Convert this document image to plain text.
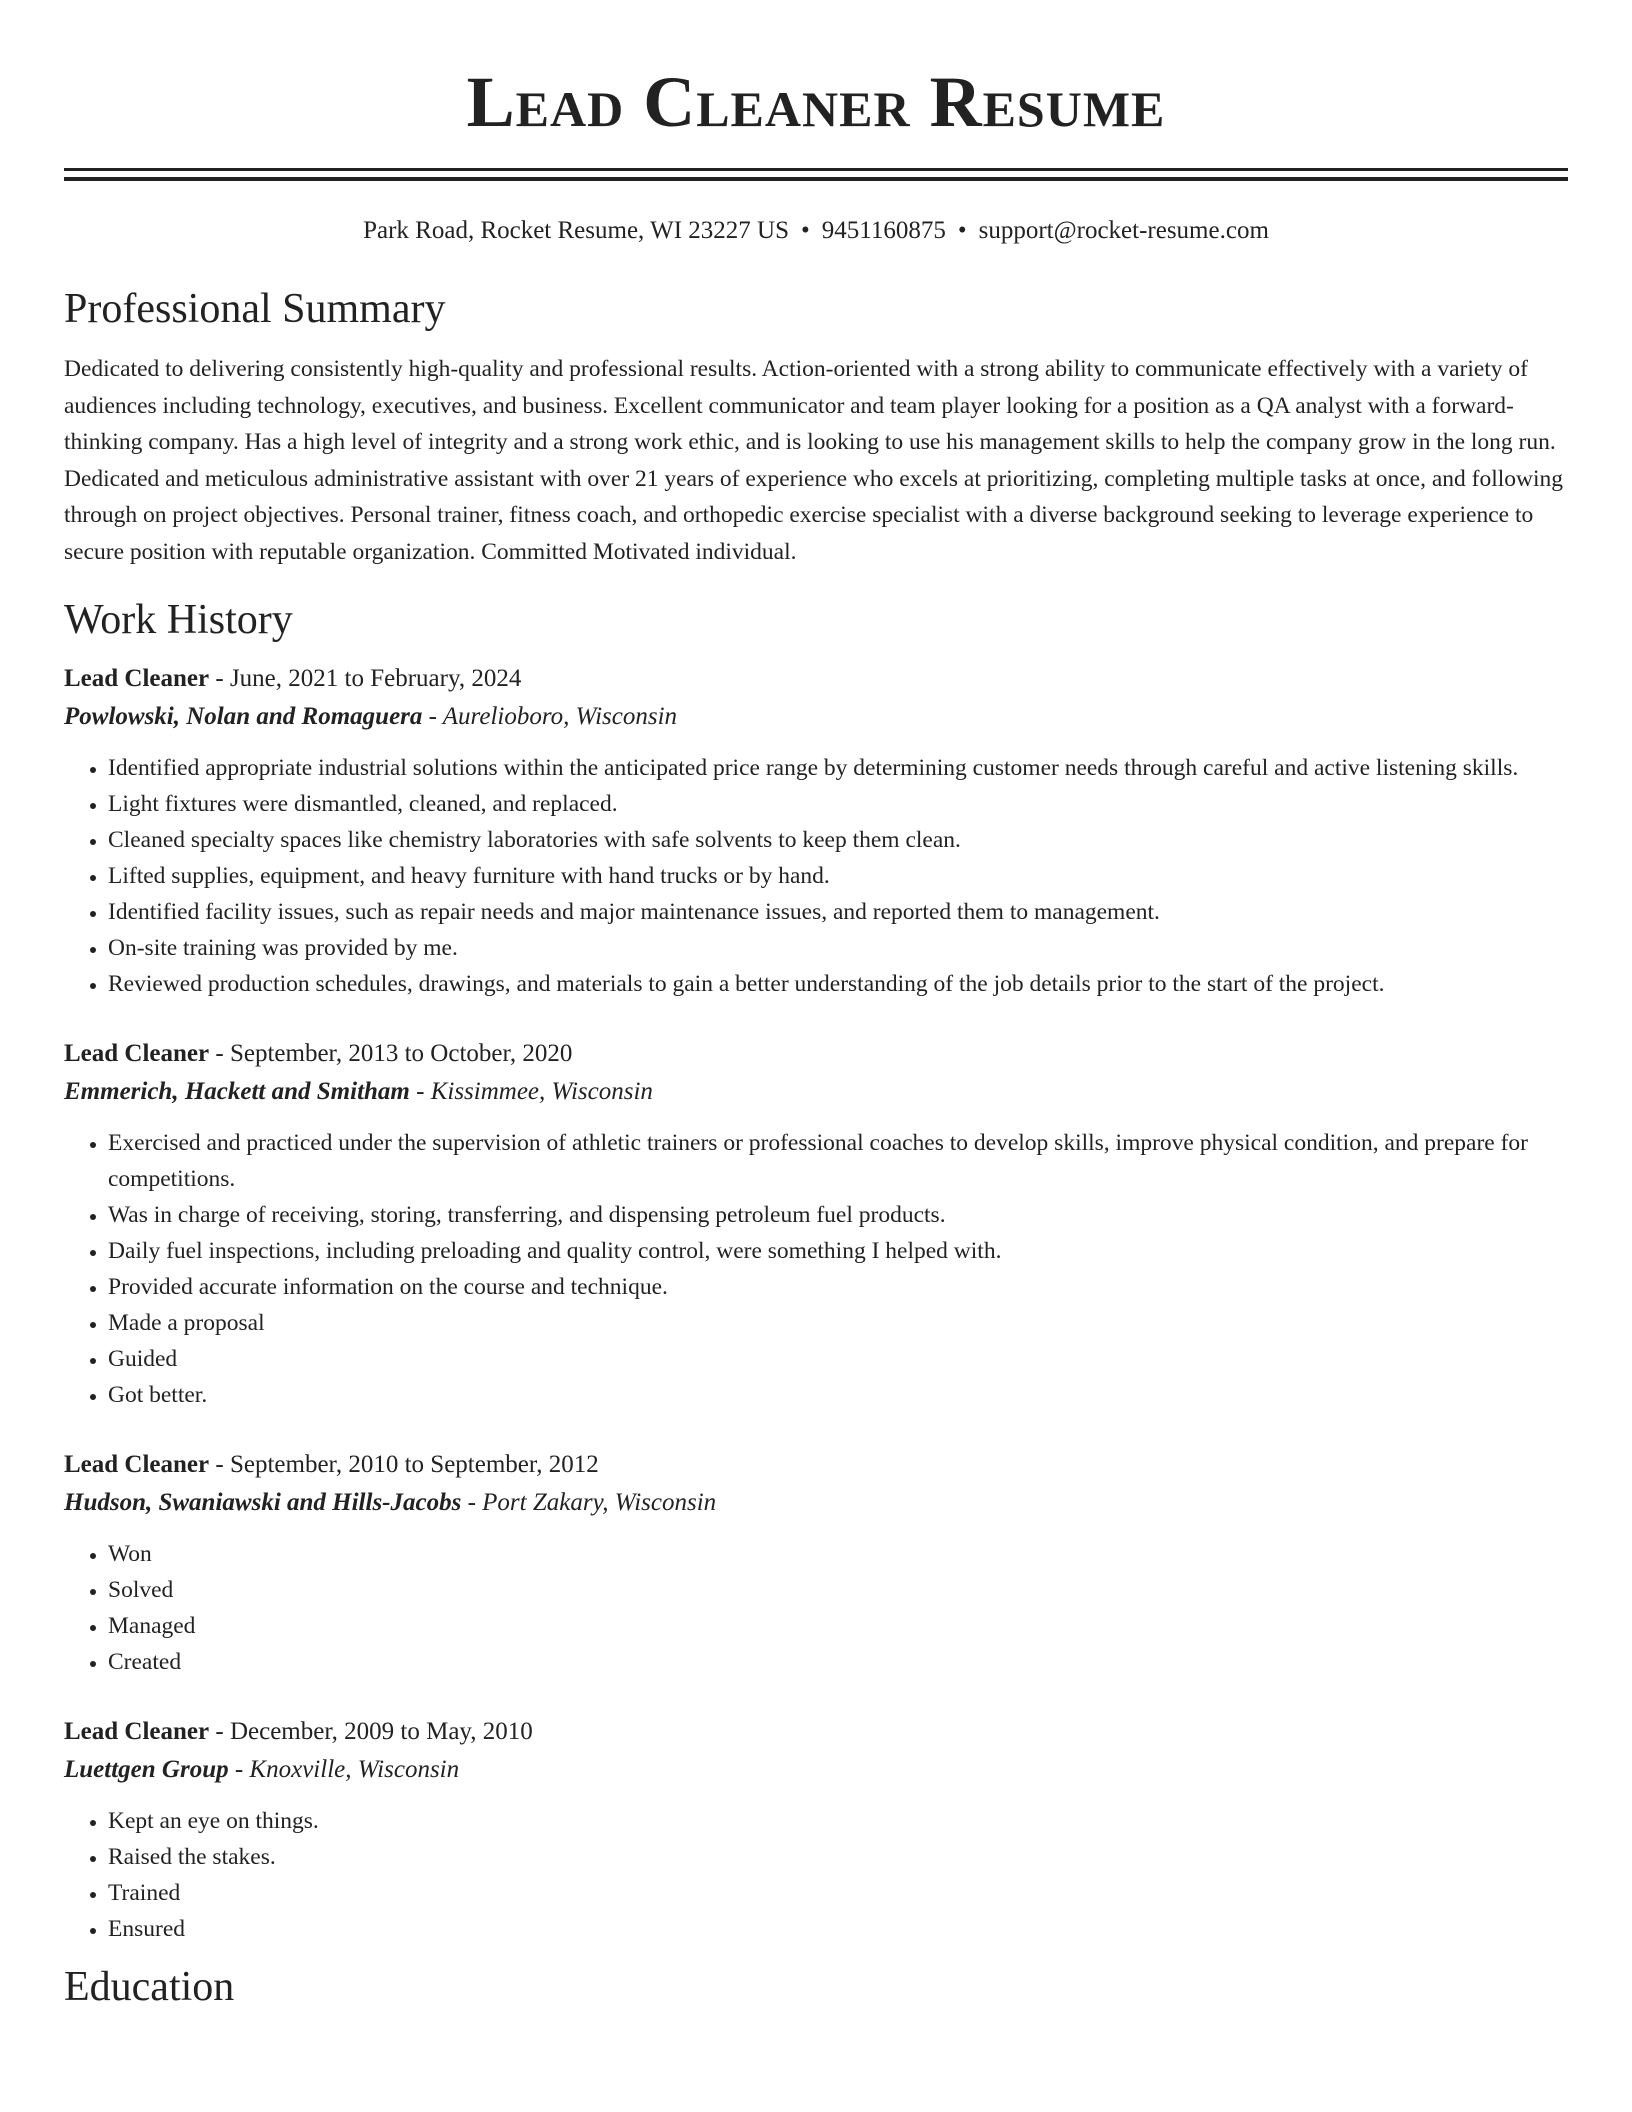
Lead Cleaner Resume
Park Road, Rocket Resume, WI 23227 US • 9451160875 • support@rocket-resume.com
Professional Summary

Dedicated to delivering consistently high-quality and professional results. Action-oriented with a strong ability to communicate effectively with a variety of audiences including technology, executives, and business. Excellent communicator and team player looking for a position as a QA analyst with a forward-thinking company. Has a high level of integrity and a strong work ethic, and is looking to use his management skills to help the company grow in the long run. Dedicated and meticulous administrative assistant with over 21 years of experience who excels at prioritizing, completing multiple tasks at once, and following through on project objectives. Personal trainer, fitness coach, and orthopedic exercise specialist with a diverse background seeking to leverage experience to secure position with reputable organization. Committed Motivated individual.

Work History
Lead Cleaner - June, 2021 to February, 2024
Powlowski, Nolan and Romaguera - Aurelioboro, Wisconsin
• Identified appropriate industrial solutions within the anticipated price range by determining customer needs through careful and active listening skills.
• Light fixtures were dismantled, cleaned, and replaced.
• Cleaned specialty spaces like chemistry laboratories with safe solvents to keep them clean.
• Lifted supplies, equipment, and heavy furniture with hand trucks or by hand.
• Identified facility issues, such as repair needs and major maintenance issues, and reported them to management.
• On-site training was provided by me.
• Reviewed production schedules, drawings, and materials to gain a better understanding of the job details prior to the start of the project.
Lead Cleaner - September, 2013 to October, 2020
Emmerich, Hackett and Smitham - Kissimmee, Wisconsin
• Exercised and practiced under the supervision of athletic trainers or professional coaches to develop skills, improve physical condition, and prepare for competitions.
• Was in charge of receiving, storing, transferring, and dispensing petroleum fuel products.
• Daily fuel inspections, including preloading and quality control, were something I helped with.
• Provided accurate information on the course and technique.
• Made a proposal
• Guided
• Got better.
Lead Cleaner - September, 2010 to September, 2012
Hudson, Swaniawski and Hills-Jacobs - Port Zakary, Wisconsin
• Won
• Solved
• Managed
• Created
Lead Cleaner - December, 2009 to May, 2010
Luettgen Group - Knoxville, Wisconsin
• Kept an eye on things.
• Raised the stakes.
• Trained
• Ensured
Education
